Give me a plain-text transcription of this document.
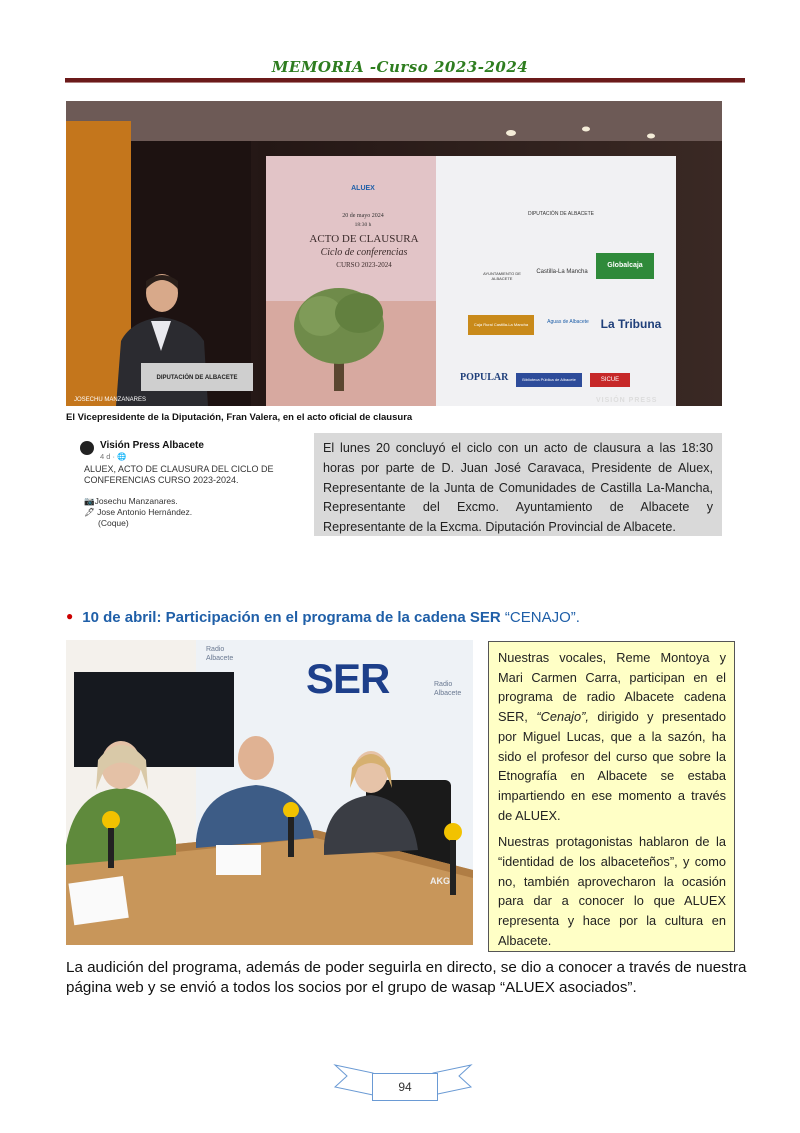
MEMORIA -Curso 2023-2024
ALUEX
20 de mayo 2024
18:30 h
ACTO DE CLAUSURA
Ciclo de conferencias
CURSO 2023-2024
DIPUTACIÓN DE ALBACETE
AYUNTAMIENTO DE ALBACETE
Castilla-La Mancha
Globalcaja
Caja Rural Castilla-La Mancha	Aguas de Albacete La Tribuna
POPULAR	Biblioteca Pública de Albacete	SICUE
DIPUTACIÓN DE ALBACETE
JOSECHU MANZANARES	VISIÓN PRESS
El Vicepresidente de la Diputación, Fran Valera, en el acto oficial de clausura
Visión Press Albacete
4 d · 🌐
ALUEX, ACTO DE CLAUSURA DEL CICLO DE CONFERENCIAS CURSO 2023-2024.
📷Josechu Manzanares.
🖋 Jose Antonio Hernández.
(Coque)
El lunes 20 concluyó el ciclo con un acto de clausura a las 18:30 horas por parte de D. Juan José Caravaca, Presidente de Aluex, Representante de la Junta de Comunidades de Castilla La-Mancha, Representante del Excmo. Ayuntamiento de Albacete y Representante de la Excma. Diputación Provincial de Albacete.
● 10 de abril: Participación en el programa de la cadena SER “CENAJO”.
SER
Radio
Albacete
Radio
Albacete
AKG

Nuestras vocales, Reme Montoya y Mari Carmen Carra, participan en el programa de radio Albacete cadena SER, “Cenajo”, dirigido y presentado por Miguel Lucas, que a la sazón, ha sido el profesor del curso que sobre la Etnografía en Albacete se estaba impartiendo en ese momento a través de ALUEX.

Nuestras protagonistas hablaron de la “identidad de los albaceteños”, y como no, también aprovecharon la ocasión para dar a conocer lo que ALUEX representa y hace por la cultura en Albacete.

La audición del programa, además de poder seguirla en directo, se dio a conocer a través de nuestra página web y se envió a todos los socios por el grupo de wasap “ALUEX asociados”.
94
